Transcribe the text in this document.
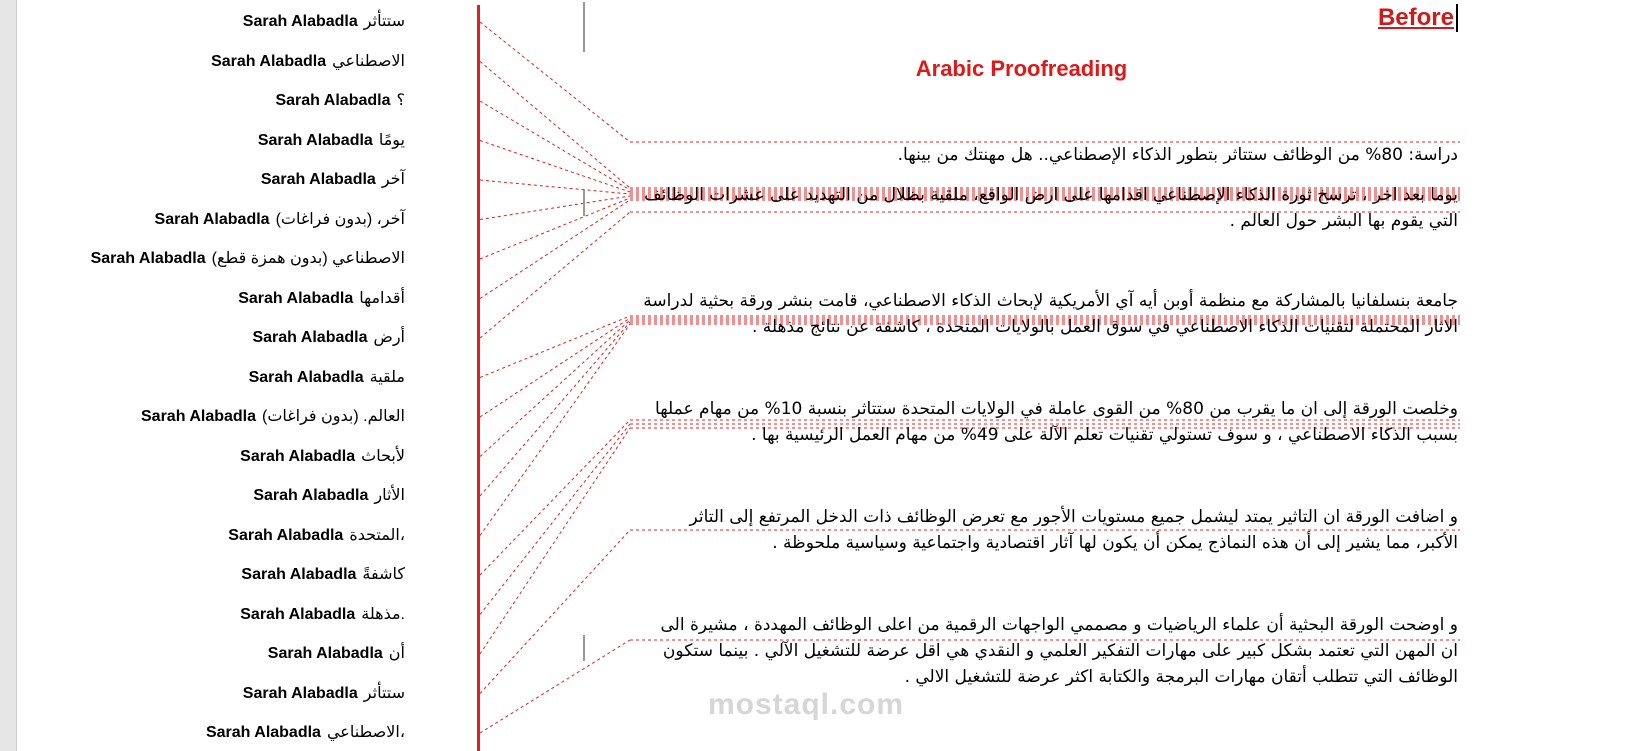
Sarah Alabadla ستتأثر
Sarah Alabadla الاصطناعي
Sarah Alabadla ؟
Sarah Alabadla يومًا
Sarah Alabadla آخر
Sarah Alabadla آخر، (بدون فراغات)
Sarah Alabadla الاصطناعي (بدون همزة قطع)
Sarah Alabadla أقدامها
Sarah Alabadla أرض
Sarah Alabadla ملقية
Sarah Alabadla العالم. (بدون فراغات)
Sarah Alabadla لأبحاث
Sarah Alabadla الأثار
Sarah Alabadla المتحدة،
Sarah Alabadla كاشفةً
Sarah Alabadla مذهلة.
Sarah Alabadla أن
Sarah Alabadla ستتأثر
Sarah Alabadla الاصطناعي،
Before
Arabic Proofreading
دراسة: 80% من الوظائف ستتاثر بتطور الذكاء الإصطناعي.. هل مهنتك من بينها.
يوما بعد اخر ، ترسخ ثورة الذكاء الإصطناعي اقدامها على ارض الواقع، ملقية بظلال من التهديد على عشرات الوظائف
التي يقوم بها البشر حول العالم .
جامعة بنسلفانيا بالمشاركة مع منظمة أوبن أيه آي الأمريكية لإبحاث الذكاء الاصطناعي، قامت بنشر ورقة بحثية لدراسة
الاثار المحتملة لتقنيات الذكاء الاصطناعي في سوق العمل بالولايات المتحدة ، كاشفة عن نتائج مذهلة .
وخلصت الورقة إلى ان ما يقرب من 80% من القوى عاملة في الولايات المتحدة ستتاثر بنسبة 10% من مهام عملها
بسبب الذكاء الاصطناعي ، و سوف تستولي تقنيات تعلم الآلة على 49% من مهام العمل الرئيسية بها .
و اضافت الورقة ان التاثير يمتد ليشمل جميع مستويات الأجور مع تعرض الوظائف ذات الدخل المرتفع إلى التاثر
الأكبر، مما يشير إلى أن هذه النماذج يمكن أن يكون لها آثار اقتصادية واجتماعية وسياسية ملحوظة .
و اوضحت الورقة البحثية أن علماء الرياضيات و مصممي الواجهات الرقمية من اعلى الوظائف المهددة ، مشيرة الى
ان المهن التي تعتمد بشكل كبير على مهارات التفكير العلمي و النقدي هي اقل عرضة للتشغيل الآلي . بينما ستكون
الوظائف التي تتطلب أتقان مهارات البرمجة والكتابة اكثر عرضة للتشغيل الالي .
mostaql.com
